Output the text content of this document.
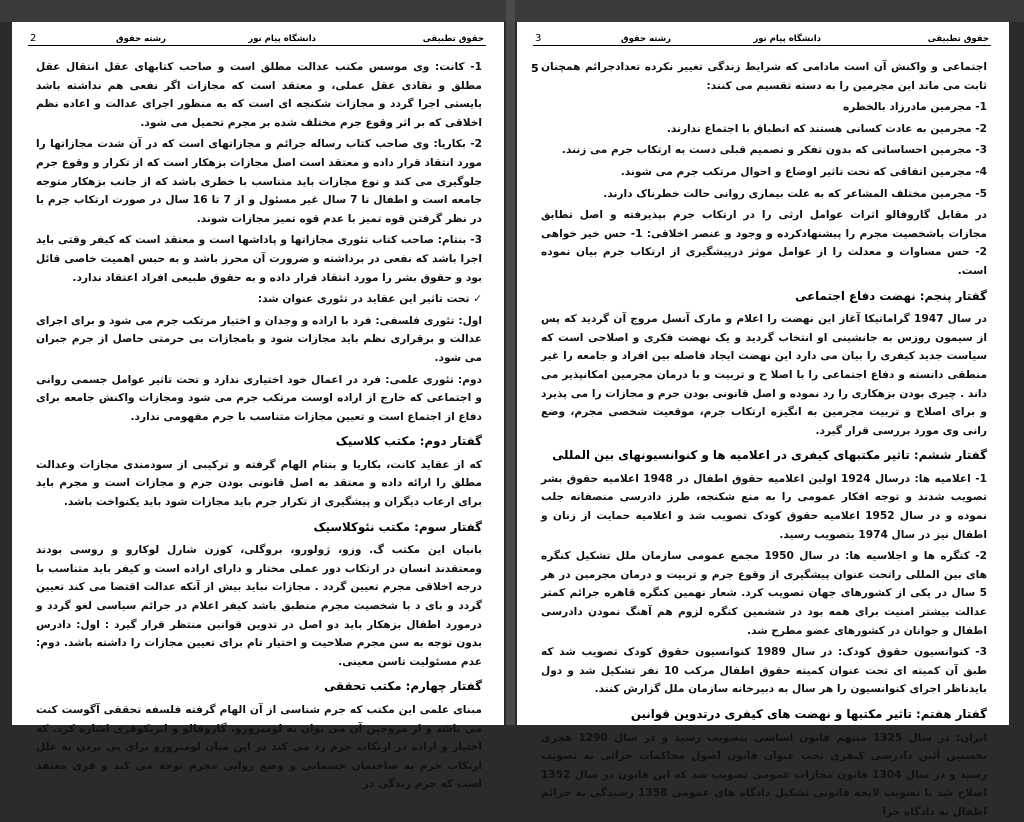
2	رشته حقوق	دانشگاه پیام نور	حقوق تطبیقی

1- کانت: وی موسس مکتب عدالت مطلق است و صاحب کتابهای عقل انتقال عقل مطلق و نقادی عقل عملی، و معتقد است که مجازات اگر نفعی هم نداشته باشد بایستی اجرا گردد و مجازات شکنجه ای است که به منظور اجرای عدالت و اعاده نظم اخلاقی که بر اثر وقوع جرم مختلف شده بر مجرم تحمیل می شود.

2- بکاریا: وی صاحب کتاب رساله جرائم و مجازاتهای است که در آن شدت مجازاتها را مورد انتقاد قرار داده و معتقد است اصل مجازات بزهکار است که از تکرار و وقوع جرم جلوگیری می کند و نوع مجازات باید متناسب با خطری باشد که از جانب بزهکار متوجه جامعه است و اطفال تا 7 سال غیر مسئول و از 7 تا 16 سال در صورت ارتکاب جرم با در نظر گرفتن قوه تمیز با عدم قوه تمیز مجازات شوند.

3- بنتام: صاحب کتاب تئوری مجازاتها و پاداشها است و معتقد است که کیفر وقتی باید اجرا باشد که نفعی در برداشته و ضرورت آن محرز باشد و به حبس اهمیت خاصی قائل بود و حقوق بشر را مورد انتقاد قرار داده و به حقوق طبیعی افراد اعتقاد ندارد.

✓ تحت تاثیر این عقاید در تئوری عنوان شد:

اول: تئوری فلسفی: فرد با اراده و وجدان و اختیار مرتکب جرم می شود و برای اجرای عدالت و برقراری نظم باید مجازات شود و بامجازات بی حرمتی حاصل از جرم جبران می شود.

دوم: تئوری علمی: فرد در اعمال خود اختیاری ندارد و تحت تاثیر عوامل جسمی روانی و اجتماعی که خارج از اراده اوست مرتکب جرم می شود ومجازات واکنش جامعه برای دفاع از اجتماع است و تعیین مجازات متناسب با جرم مفهومی ندارد.

گفتار دوم: مکتب کلاسیک

که از عقاید کانت، بکاریا و بنتام الهام گرفته و ترکیبی از سودمندی مجازات وعدالت مطلق را ارائه داده و معتقد به اصل قانونی بودن جرم و مجازات است و مجرم باید برای ارعاب دیگران و پیشگیری از تکرار جرم باید مجازات شود باید یکنواخت باشد.

گفتار سوم: مکتب نئوکلاسیک

بانیان این مکتب گ. وزو، ژولورو، بروگلی، کوزن شارل لوکارو و روسی بودند ومعتقدند انسان در ارتکاب دور عملی مختار و دارای اراده است و کیفر باید متناسب با درجه اخلاقی مجرم تعیین گردد . مجازات نباید بیش از آنکه عدالت اقتضا می کند تعیین گردد و بای د با شخصیت مجرم منطبق باشد کیفر اعلام در جرائم سیاسی لغو گردد و درمورد اطفال بزهکار باید دو اصل در تدوین قوانین منتظر قرار گیرد : اول: دادرس بدون توجه به سن مجرم صلاحیت و اختیار تام برای تعیین مجازات را داشته باشد. دوم: عدم مسئولیت تاسن معینی.

گفتار چهارم: مکتب تحققی

مبنای علمی این مکتب که جرم شناسی از آن الهام گرفته فلسفه تحققی آگوست کنت می باشد و از مروجین آن می توان به لومبروزو، گاروفالو و انریکوفری اشاره کرد. که اختیار و اراده در ارتکاب جرم رد می کند در این میان لومبروزو برای پی بردن به علل ارتکاب جرم به ساختمان جسمانی و وضع روانی مجرم توجه می کند و فری معتقد است که جرم زندگی در

3	رشته حقوق	دانشگاه پیام نور	حقوق تطبیقی
5 اجتماعی و واکنش آن است مادامی که شرایط زندگی تغییر نکرده تعدادجرائم همچنان ثابت می ماند این مجرمین را به دسته تقسیم می کنند:

1- مجرمین مادرزاد بالخطره

2- مجرمین به عادت کسانی هستند که انطباق با اجتماع ندارند.

3- مجرمین احساساتی که بدون تفکر و تصمیم قبلی دست به ارتکاب جرم می زنند.

4- مجرمین اتفاقی که تحت تاثیر اوضاع و احوال مرتکب جرم می شوند.

5- مجرمین مختلف المشاعر که به علت بیماری روانی حالت خطرناک دارند.

در مقابل گاروفالو اثرات عوامل ارثی را در ارتکاب جرم بپذیرفته و اصل تطابق مجازات باشخصیت مجرم را پیشنهادکرده و وجود و عنصر اخلاقی: 1- حس خیر خواهی 2- حس مساوات و معدلت را از عوامل موثر درپیشگیری از ارتکاب جرم بیان نموده است.

گفتار پنجم: نهضت دفاع اجتماعی

در سال 1947 گراماتیکا آغاز این نهضت را اعلام و مارک آنسل مروج آن گردید که پس از سیمون روزس به جانشینی او انتخاب گردید و یک نهضت فکری و اصلاحی است که سیاست جدید کیفری را بیان می دارد این نهضت ایجاد فاصله بین افراد و جامعه را غیر منطقی دانسته و دفاع اجتماعی را با اصلا ح و تربیت و با درمان مجرمین امکانپذیر می داند . چیری بودن بزهکاری را رد نموده و اصل قانونی بودن جرم و مجازات را می پذیرد و برای اصلاح و تربیت مجرمین به انگیزه ارتکاب جرم، موقعیت شخصی مجرم، وضع رانی وی مورد بررسی قرار گیرد.

گفتار ششم: تاثیر مکتبهای کیفری در اعلامیه ها و کنوانسیونهای بین المللی

1- اعلامیه ها: درسال 1924 اولین اعلامیه حقوق اطفال در 1948 اعلامیه حقوق بشر تصویب شدند و توجه افکار عمومی را به منع شکنجه، طرز دادرسی منصفانه جلب نموده و در سال 1952 اعلامیه حقوق کودک تصویب شد و اعلامیه حمایت از زنان و اطفال نیز در سال 1974 بتصویب رسید.

2- کنگره ها و اجلاسیه ها: در سال 1950 مجمع عمومی سازمان ملل تشکیل کنگره های بین المللی راتحت عنوان پیشگیری از وقوع جرم و تربیت و درمان مجرمین در هر 5 سال در یکی از کشورهای جهان تصویب کرد. شعار نهمین کنگره قاهره جرائم کمتر عدالت بیشتر امنیت برای همه بود در ششمین کنگره لزوم هم آهنگ نمودن دادرسی اطفال و جوانان در کشورهای عضو مطرح شد.

3- کنوانسیون حقوق کودک: در سال 1989 کنوانسیون حقوق کودک تصویب شد که طبق آن کمیته ای تحت عنوان کمیته حقوق اطفال مرکب 10 نفر تشکیل شد و دول بایدناظر اجرای کنوانسیون را هر سال به دبیرخانه سازمان ملل گزارش کنند.

گفتار هفتم: تاثیر مکتبها و نهضت های کیفری درتدوین قوانین

ایران: در سال 1325 منتهم قانون اساسی بتصویب رسید و در سال 1290 هجری نخستین آئین دادرسی کیفری تحت عنوان قانون اصول محاکمات جزائی به تصویب رسید و در سال 1304 قانون مجازات عمومی تصویب شد که این قانون در سال 1352 اصلاح شد با تصویب لایحه قانونی تشکیل دادگاه های عمومی 1358 رسیدگی به جرائم اطفال به دادگاه جزا
